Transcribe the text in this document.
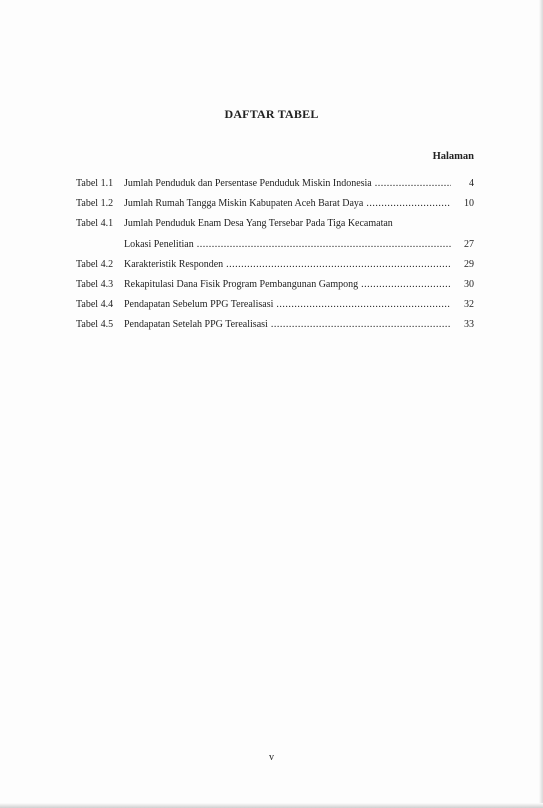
DAFTAR TABEL
Halaman
Tabel 1.1	Jumlah Penduduk dan Persentase Penduduk Miskin Indonesia .....	4
Tabel 1.2	Jumlah Rumah Tangga Miskin Kabupaten Aceh Barat Daya .....	10
Tabel 4.1	Jumlah Penduduk Enam Desa Yang Tersebar Pada Tiga Kecamatan
Lokasi Penelitian .....	27
Tabel 4.2	Karakteristik Responden .....	29
Tabel 4.3	Rekapitulasi Dana Fisik Program Pembangunan Gampong .....	30
Tabel 4.4	Pendapatan Sebelum PPG Terealisasi .....	32
Tabel 4.5	Pendapatan Setelah PPG Terealisasi .....	33
v
